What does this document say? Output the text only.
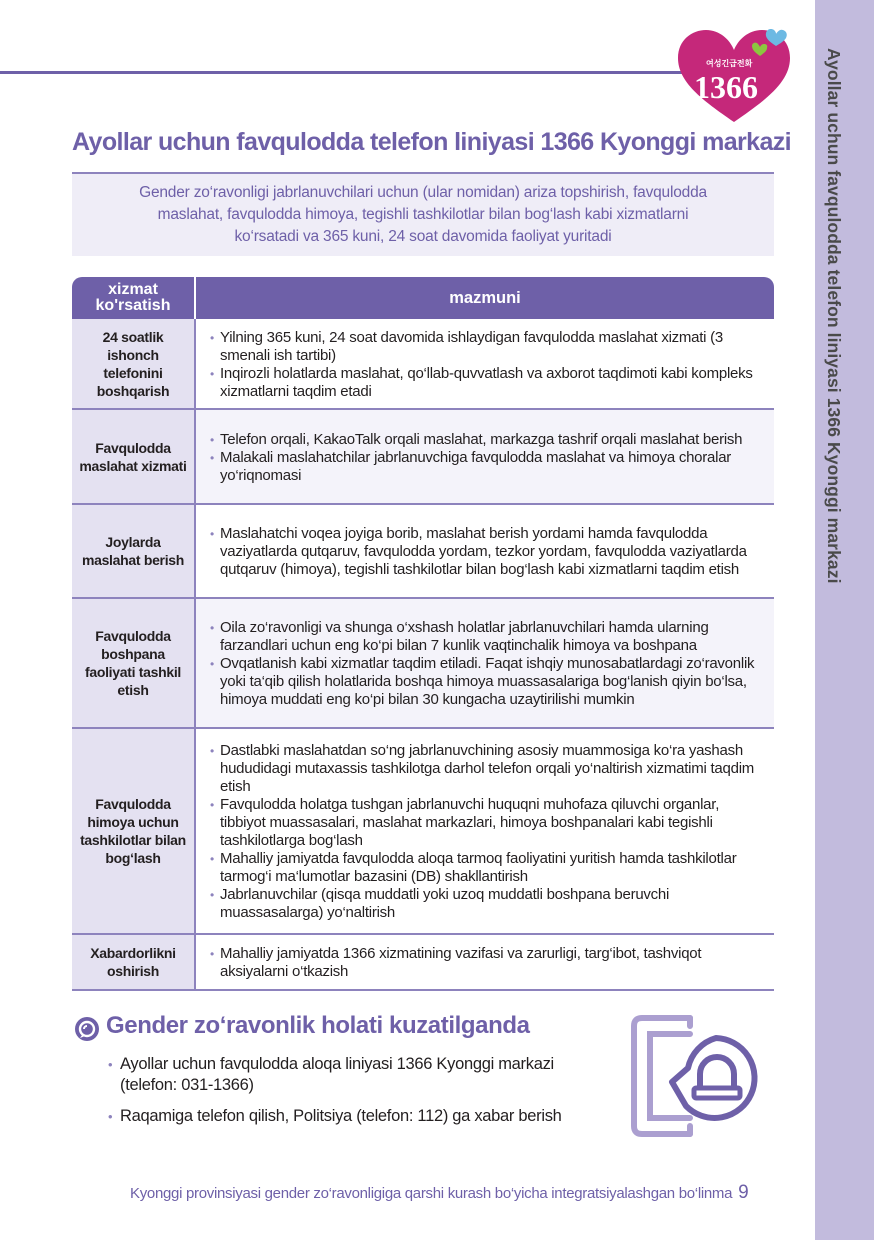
Ayollar uchun favqulodda telefon liniyasi 1366 Kyonggi markazi
여성긴급전화
1366
Ayollar uchun favqulodda telefon liniyasi 1366 Kyonggi markazi
Gender zo‘ravonligi jabrlanuvchilari uchun (ular nomidan) ariza topshirish, favqulodda
maslahat, favqulodda himoya, tegishli tashkilotlar bilan bog‘lash kabi xizmatlarni
ko‘rsatadi va 365 kuni, 24 soat davomida faoliyat yuritadi
xizmat
ko'rsatish	mazmuni
24 soatlik ishonch telefonini boshqarish	• Yilning 365 kuni, 24 soat davomida ishlaydigan favqulodda maslahat xizmati (3 smenali ish tartibi)
• Inqirozli holatlarda maslahat, qo‘llab-quvvatlash va axborot taqdimoti kabi kompleks xizmatlarni taqdim etadi

Favqulodda maslahat xizmati	• Telefon orqali, KakaoTalk orqali maslahat, markazga tashrif orqali maslahat berish
• Malakali maslahatchilar jabrlanuvchiga favqulodda maslahat va himoya choralar yo‘riqnomasi

Joylarda maslahat berish	• Maslahatchi voqea joyiga borib, maslahat berish yordami hamda favqulodda vaziyatlarda qutqaruv, favqulodda yordam, tezkor yordam, favqulodda vaziyatlarda qutqaruv (himoya), tegishli tashkilotlar bilan bog‘lash kabi xizmatlarni taqdim etish

Favqulodda boshpana faoliyati tashkil etish	• Oila zo‘ravonligi va shunga o‘xshash holatlar jabrlanuvchilari hamda ularning farzandlari uchun eng ko‘pi bilan 7 kunlik vaqtinchalik himoya va boshpana
• Ovqatlanish kabi xizmatlar taqdim etiladi. Faqat ishqiy munosabatlardagi zo‘ravonlik yoki ta‘qib qilish holatlarida boshqa himoya muassasalariga bog‘lanish qiyin bo‘lsa, himoya muddati eng ko‘pi bilan 30 kungacha uzaytirilishi mumkin

Favqulodda himoya uchun tashkilotlar bilan bog‘lash	• Dastlabki maslahatdan so‘ng jabrlanuvchining asosiy muammosiga ko‘ra yashash hududidagi mutaxassis tashkilotga darhol telefon orqali yo‘naltirish xizmatimi taqdim etish
• Favqulodda holatga tushgan jabrlanuvchi huquqni muhofaza qiluvchi organlar, tibbiyot muassasalari, maslahat markazlari, himoya boshpanalari kabi tegishli tashkilotlarga bog‘lash
• Mahalliy jamiyatda favqulodda aloqa tarmoq faoliyatini yuritish hamda tashkilotlar tarmog‘i ma‘lumotlar bazasini (DB) shakllantirish
• Jabrlanuvchilar (qisqa muddatli yoki uzoq muddatli boshpana beruvchi muassasalarga) yo‘naltirish

Xabardorlikni oshirish	• Mahalliy jamiyatda 1366 xizmatining vazifasi va zarurligi, targ‘ibot, tashviqot aksiyalarni o‘tkazish
Gender zo‘ravonlik holati kuzatilganda
• Ayollar uchun favqulodda aloqa liniyasi 1366 Kyonggi markazi (telefon: 031-1366)
• Raqamiga telefon qilish, Politsiya (telefon: 112) ga xabar berish
Kyonggi provinsiyasi gender zo‘ravonligiga qarshi kurash bo‘yicha integratsiyalashgan bo‘linma 9
